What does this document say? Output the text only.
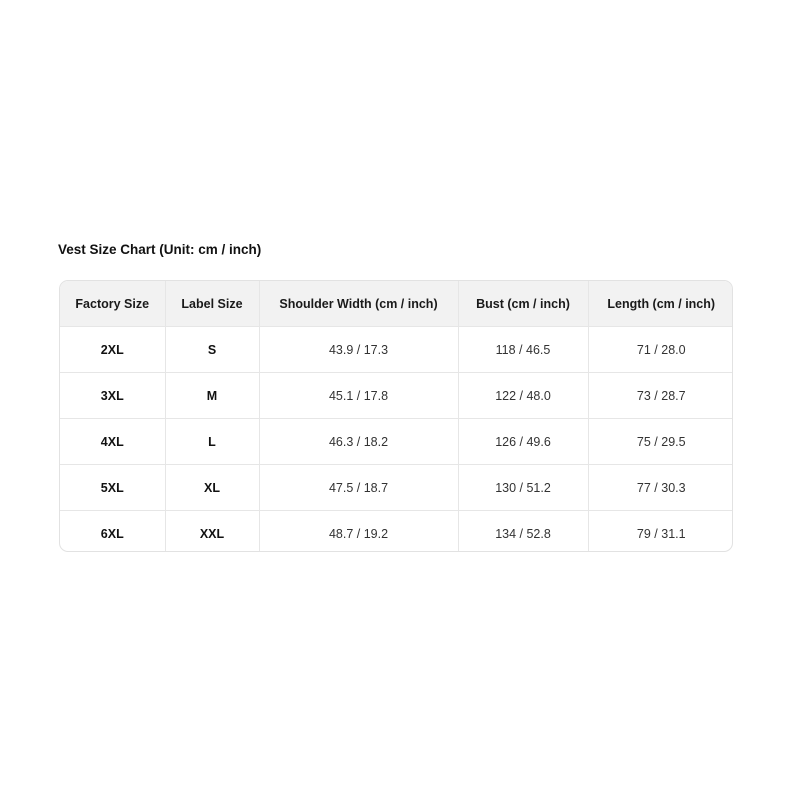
Vest Size Chart (Unit: cm / inch)
Factory Size	Label Size	Shoulder Width (cm / inch)	Bust (cm / inch)	Length (cm / inch)
2XL	S	43.9 / 17.3	118 / 46.5	71 / 28.0
3XL	M	45.1 / 17.8	122 / 48.0	73 / 28.7
4XL	L	46.3 / 18.2	126 / 49.6	75 / 29.5
5XL	XL	47.5 / 18.7	130 / 51.2	77 / 30.3
6XL	XXL	48.7 / 19.2	134 / 52.8	79 / 31.1
